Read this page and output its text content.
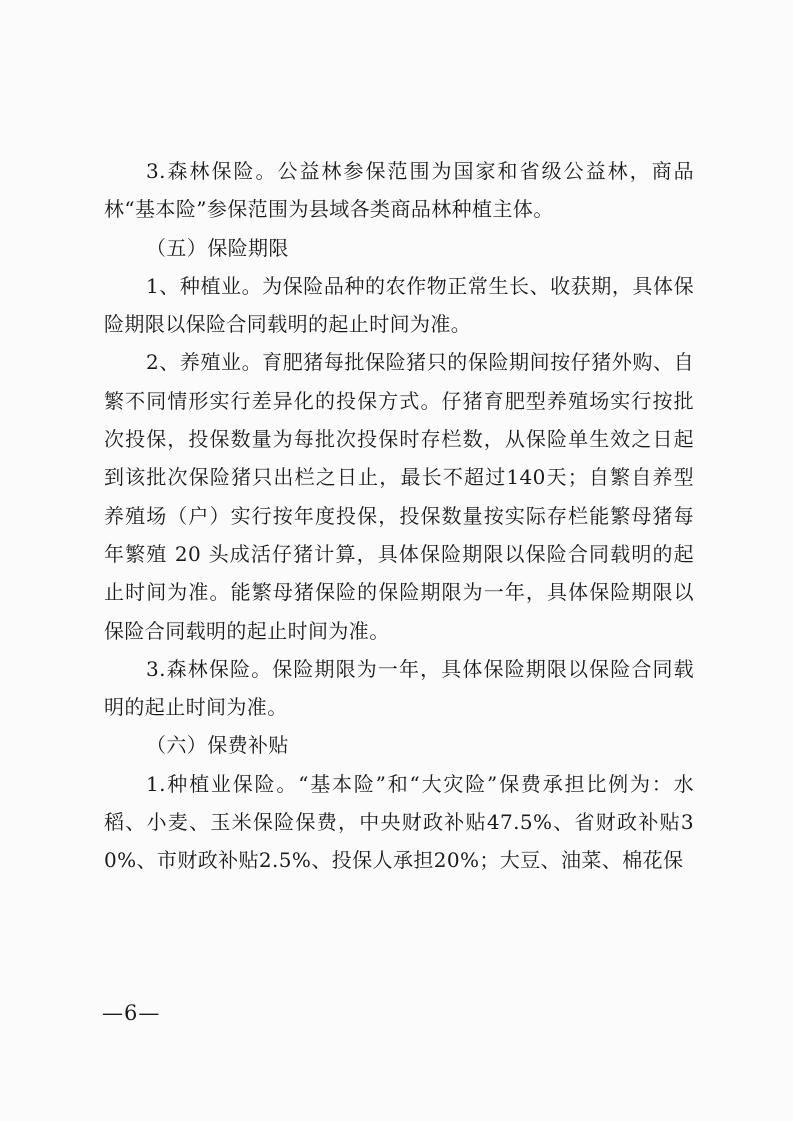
3.森林保险。公益林参保范围为国家和省级公益林，商品林“基本险”参保范围为县域各类商品林种植主体。

（五）保险期限

1、种植业。为保险品种的农作物正常生长、收获期，具体保险期限以保险合同载明的起止时间为准。

2、养殖业。育肥猪每批保险猪只的保险期间按仔猪外购、自繁不同情形实行差异化的投保方式。仔猪育肥型养殖场实行按批次投保，投保数量为每批次投保时存栏数，从保险单生效之日起到该批次保险猪只出栏之日止，最长不超过140天；自繁自养型养殖场（户）实行按年度投保，投保数量按实际存栏能繁母猪每年繁殖 20 头成活仔猪计算，具体保险期限以保险合同载明的起止时间为准。能繁母猪保险的保险期限为一年，具体保险期限以保险合同载明的起止时间为准。

3.森林保险。保险期限为一年，具体保险期限以保险合同载明的起止时间为准。

（六）保费补贴

1.种植业保险。“基本险”和“大灾险”保费承担比例为：水稻、小麦、玉米保险保费，中央财政补贴47.5%、省财政补贴30%、市财政补贴2.5%、投保人承担20%；大豆、油菜、棉花保

—6—
